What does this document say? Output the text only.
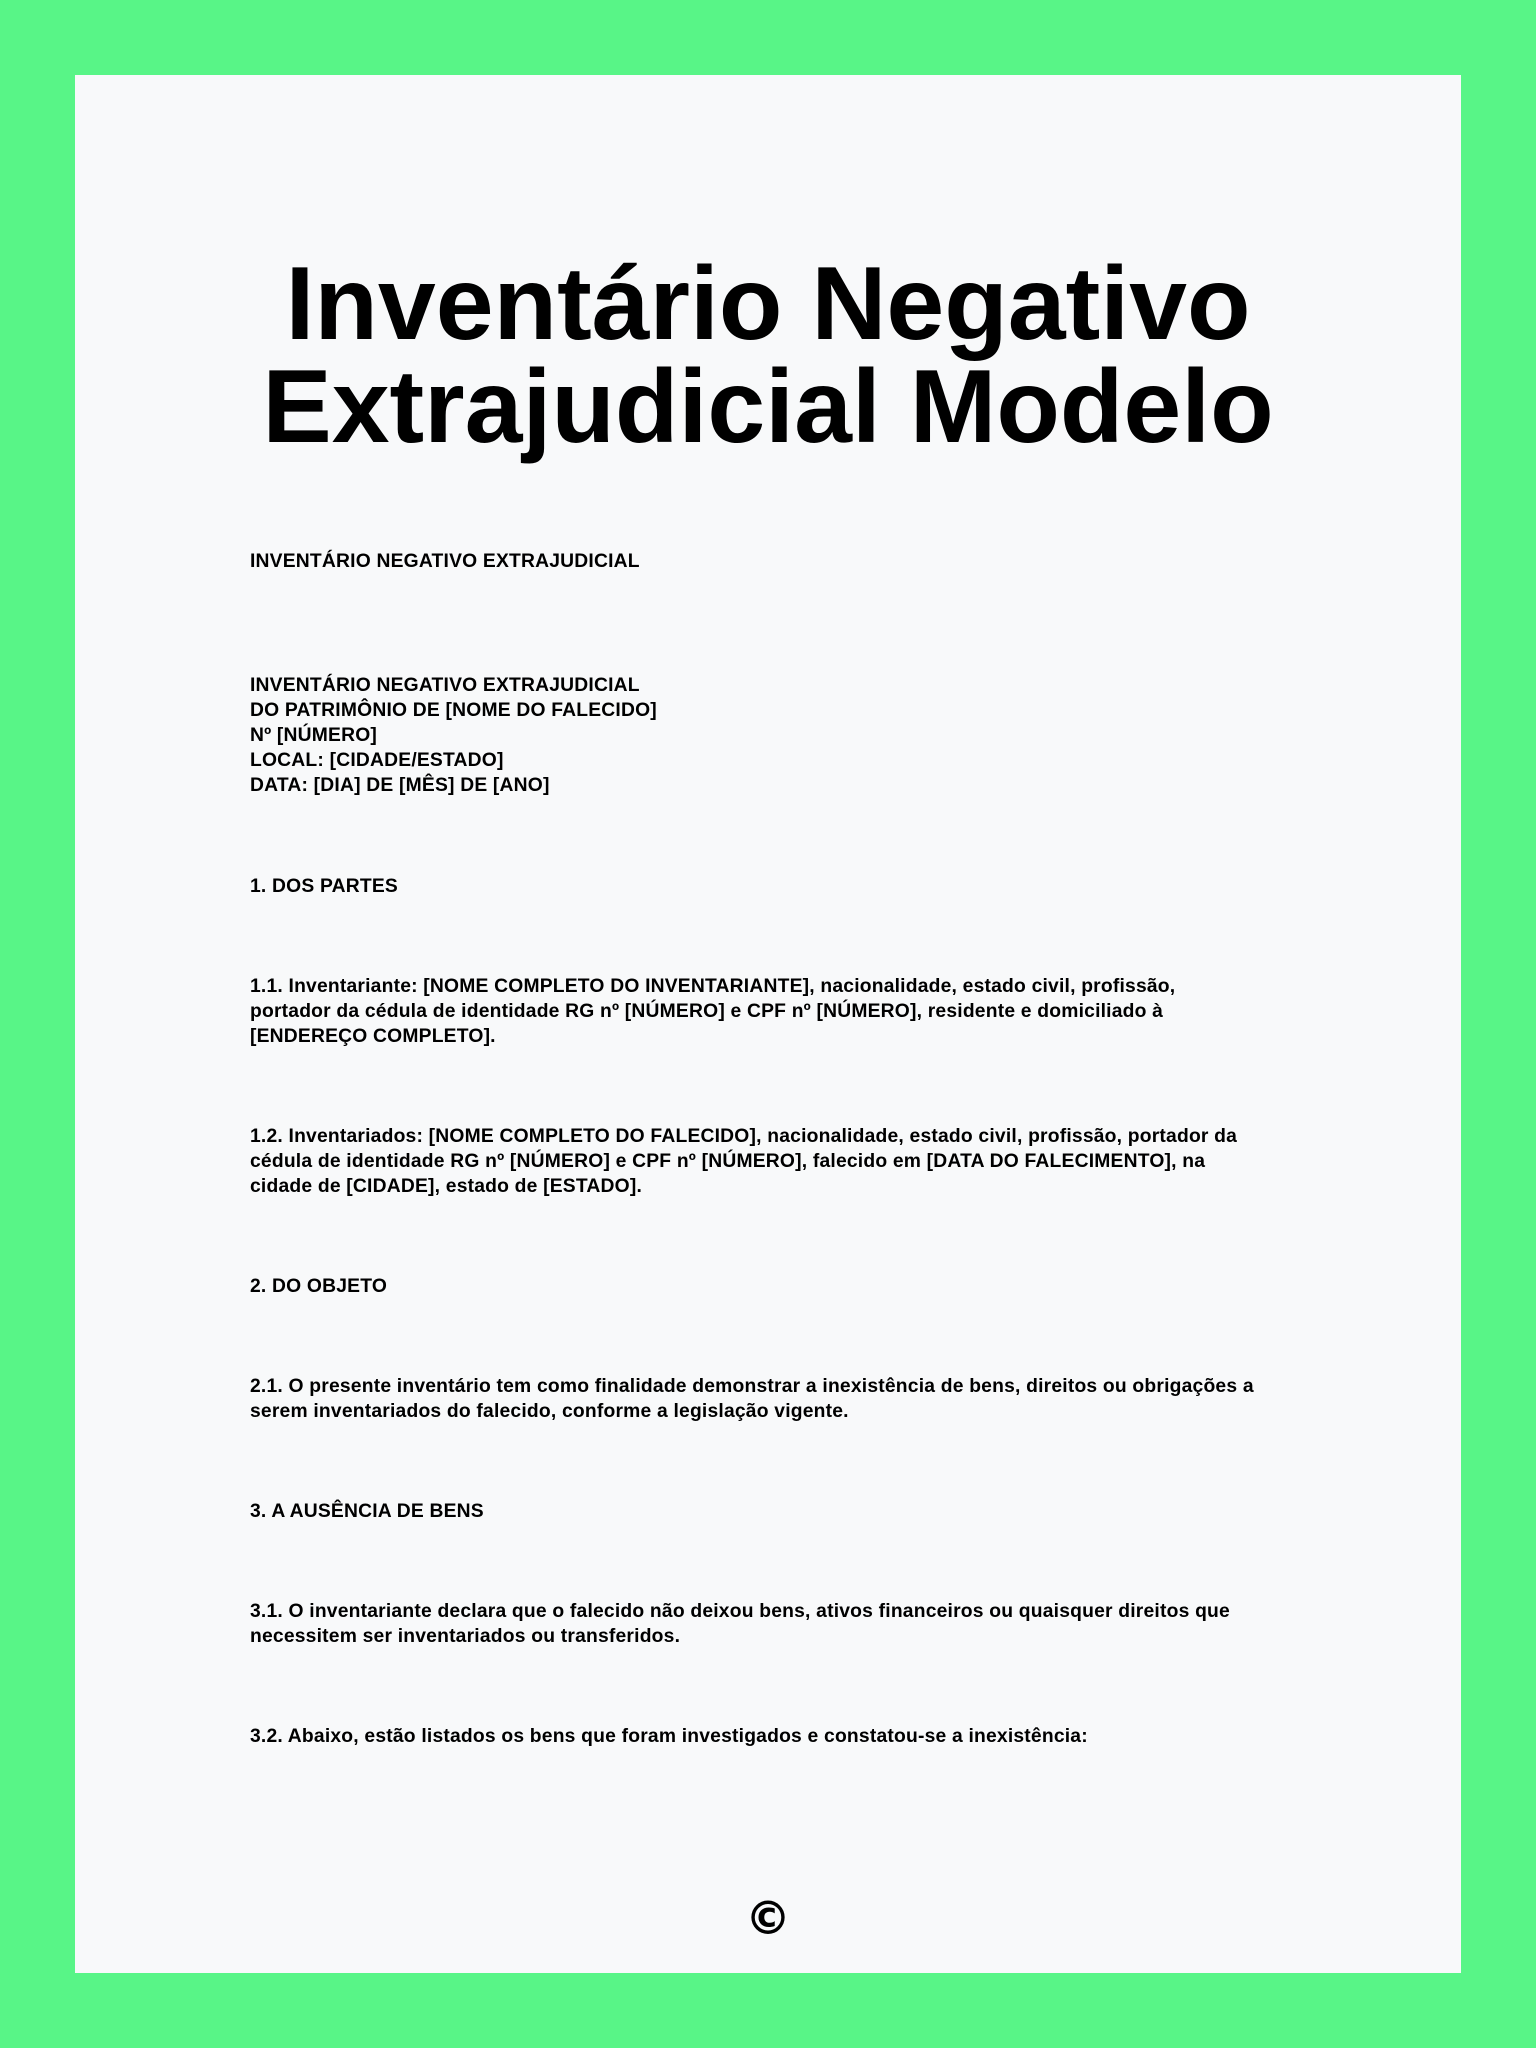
Inventário Negativo
Extrajudicial Modelo

INVENTÁRIO NEGATIVO EXTRAJUDICIAL

INVENTÁRIO NEGATIVO EXTRAJUDICIAL
DO PATRIMÔNIO DE [NOME DO FALECIDO]
Nº [NÚMERO]
LOCAL: [CIDADE/ESTADO]
DATA: [DIA] DE [MÊS] DE [ANO]

1. DOS PARTES

1.1. Inventariante: [NOME COMPLETO DO INVENTARIANTE], nacionalidade, estado civil, profissão,
portador da cédula de identidade RG nº [NÚMERO] e CPF nº [NÚMERO], residente e domiciliado à
[ENDEREÇO COMPLETO].
1.2. Inventariados: [NOME COMPLETO DO FALECIDO], nacionalidade, estado civil, profissão, portador da
cédula de identidade RG nº [NÚMERO] e CPF nº [NÚMERO], falecido em [DATA DO FALECIMENTO], na
cidade de [CIDADE], estado de [ESTADO].

2. DO OBJETO

2.1. O presente inventário tem como finalidade demonstrar a inexistência de bens, direitos ou obrigações a
serem inventariados do falecido, conforme a legislação vigente.

3. A AUSÊNCIA DE BENS

3.1. O inventariante declara que o falecido não deixou bens, ativos financeiros ou quaisquer direitos que
necessitem ser inventariados ou transferidos.

3.2. Abaixo, estão listados os bens que foram investigados e constatou-se a inexistência:

©
